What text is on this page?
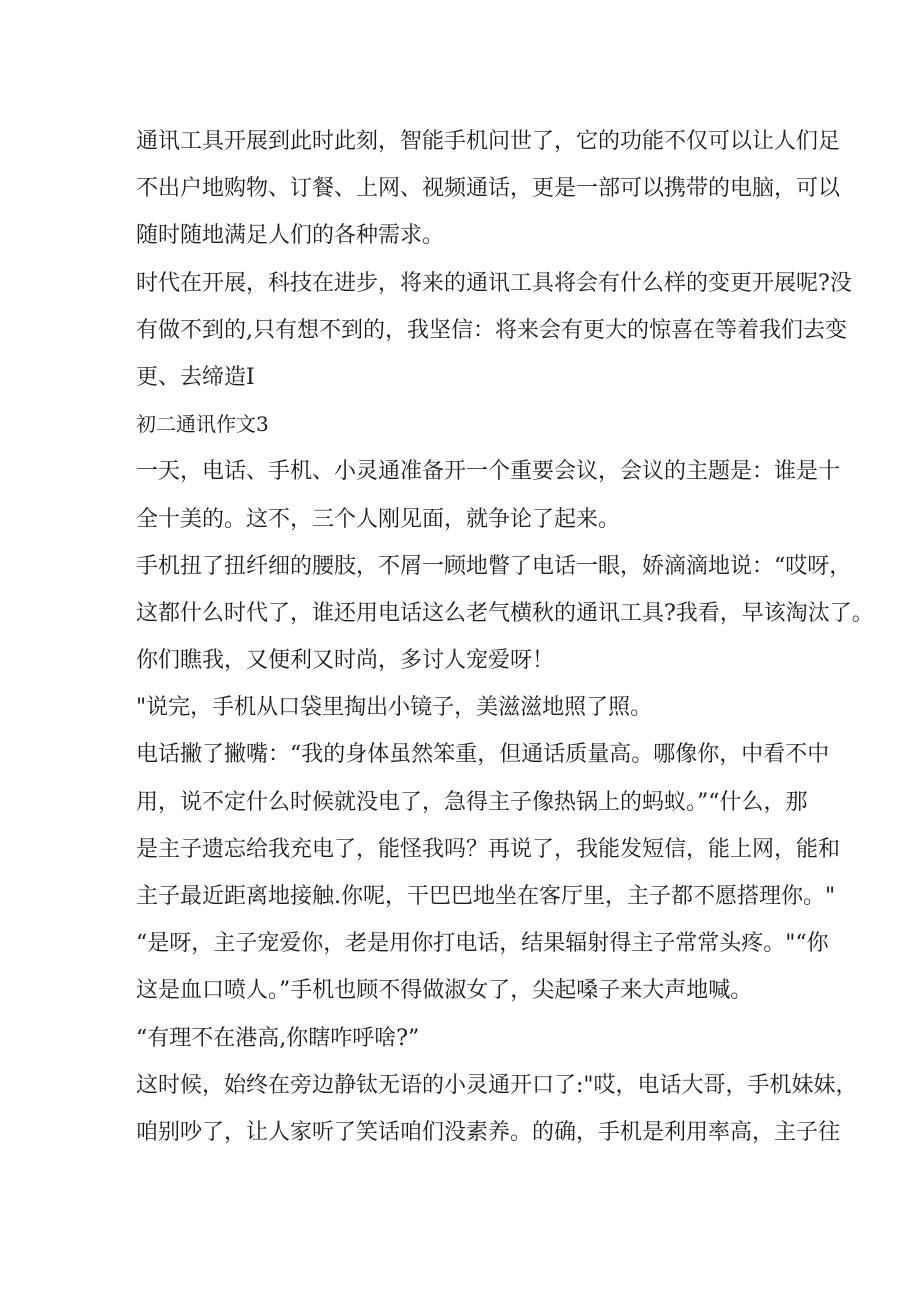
通讯工具开展到此时此刻，智能手机问世了，它的功能不仅可以让人们足
不出户地购物、订餐、上网、视频通话，更是一部可以携带的电脑，可以
随时随地满足人们的各种需求。
时代在开展，科技在进步，将来的通讯工具将会有什么样的变更开展呢?没
有做不到的,只有想不到的，我坚信：将来会有更大的惊喜在等着我们去变
更、去缔造I
初二通讯作文3
一天，电话、手机、小灵通准备开一个重要会议，会议的主题是：谁是十
全十美的。这不，三个人刚见面，就争论了起来。
手机扭了扭纤细的腰肢，不屑一顾地瞥了电话一眼，娇滴滴地说：“哎呀，
这都什么时代了，谁还用电话这么老气横秋的通讯工具?我看，早该淘汰了。
你们瞧我，又便利又时尚，多讨人宠爱呀！
"说完，手机从口袋里掏出小镜子，美滋滋地照了照。
电话撇了撇嘴：“我的身体虽然笨重，但通话质量高。哪像你，中看不中
用，说不定什么时候就没电了，急得主子像热锅上的蚂蚁。”“什么，那
是主子遗忘给我充电了，能怪我吗？再说了，我能发短信，能上网，能和
主子最近距离地接触.你呢，干巴巴地坐在客厅里，主子都不愿搭理你。"
“是呀，主子宠爱你，老是用你打电话，结果辐射得主子常常头疼。"“你
这是血口喷人。”手机也顾不得做淑女了，尖起嗓子来大声地喊。
“有理不在港高,你瞎咋呼啥?”
这时候，始终在旁边静钛无语的小灵通开口了:"哎，电话大哥，手机妹妹，
咱别吵了，让人家听了笑话咱们没素养。的确，手机是利用率高，主子往
